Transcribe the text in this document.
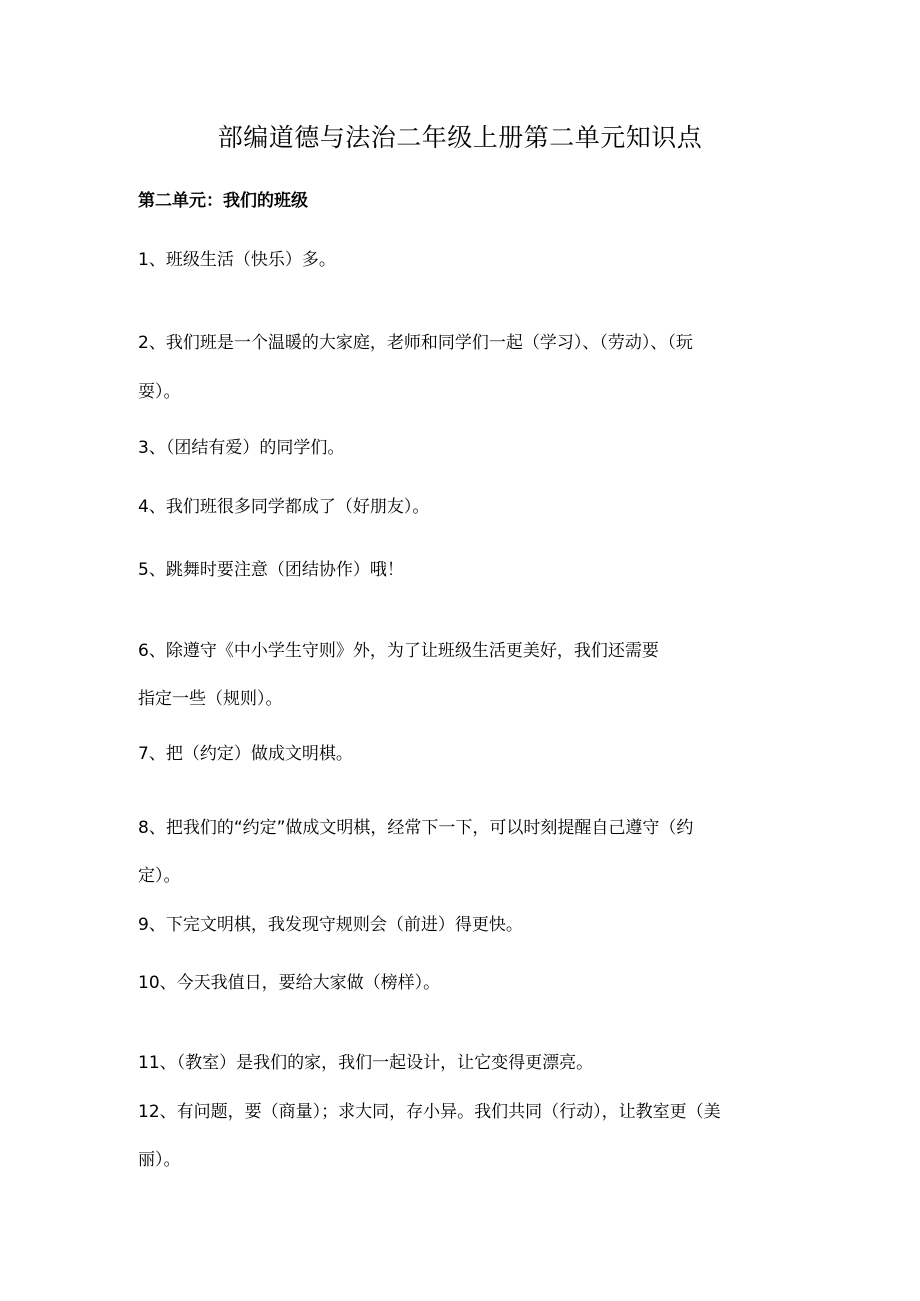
部编道德与法治二年级上册第二单元知识点
第二单元：我们的班级
1、班级生活（快乐）多。
2、我们班是一个温暖的大家庭，老师和同学们一起（学习）、（劳动）、（玩
耍）。
3、（团结有爱）的同学们。
4、我们班很多同学都成了（好朋友）。
5、跳舞时要注意（团结协作）哦！
6、除遵守《中小学生守则》外，为了让班级生活更美好，我们还需要
指定一些（规则）。
7、把（约定）做成文明棋。
8、把我们的“约定”做成文明棋，经常下一下，可以时刻提醒自己遵守（约
定）。
9、下完文明棋，我发现守规则会（前进）得更快。
10、今天我值日，要给大家做（榜样）。
11、（教室）是我们的家，我们一起设计，让它变得更漂亮。
12、有问题，要（商量）；求大同，存小异。我们共同（行动），让教室更（美
丽）。
